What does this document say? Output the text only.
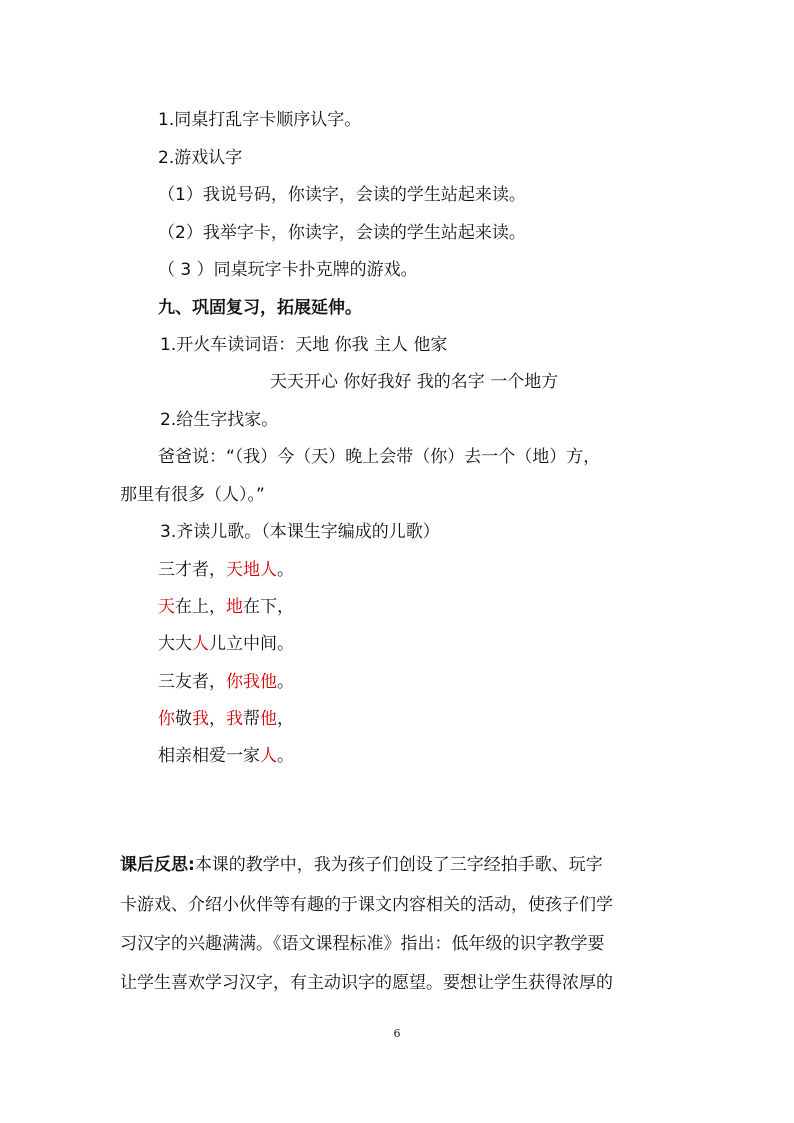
1.同桌打乱字卡顺序认字。
2.游戏认字
（1）我说号码，你读字，会读的学生站起来读。
（2）我举字卡，你读字，会读的学生站起来读。
（ 3 ）同桌玩字卡扑克牌的游戏。
九、巩固复习，拓展延伸。
1.开火车读词语：天地 你我 主人 他家
天天开心 你好我好 我的名字 一个地方
2.给生字找家。
爸爸说：“（我）今（天）晚上会带（你）去一个（地）方，
那里有很多（人）。”
3.齐读儿歌。（本课生字编成的儿歌）
三才者，天地人。
天在上，地在下，
大大人儿立中间。
三友者，你我他。
你敬我，我帮他，
相亲相爱一家人。
课后反思:本课的教学中，我为孩子们创设了三字经拍手歌、玩字
卡游戏、介绍小伙伴等有趣的于课文内容相关的活动，使孩子们学
习汉字的兴趣满满。《语文课程标准》指出：低年级的识字教学要
让学生喜欢学习汉字，有主动识字的愿望。要想让学生获得浓厚的
6
